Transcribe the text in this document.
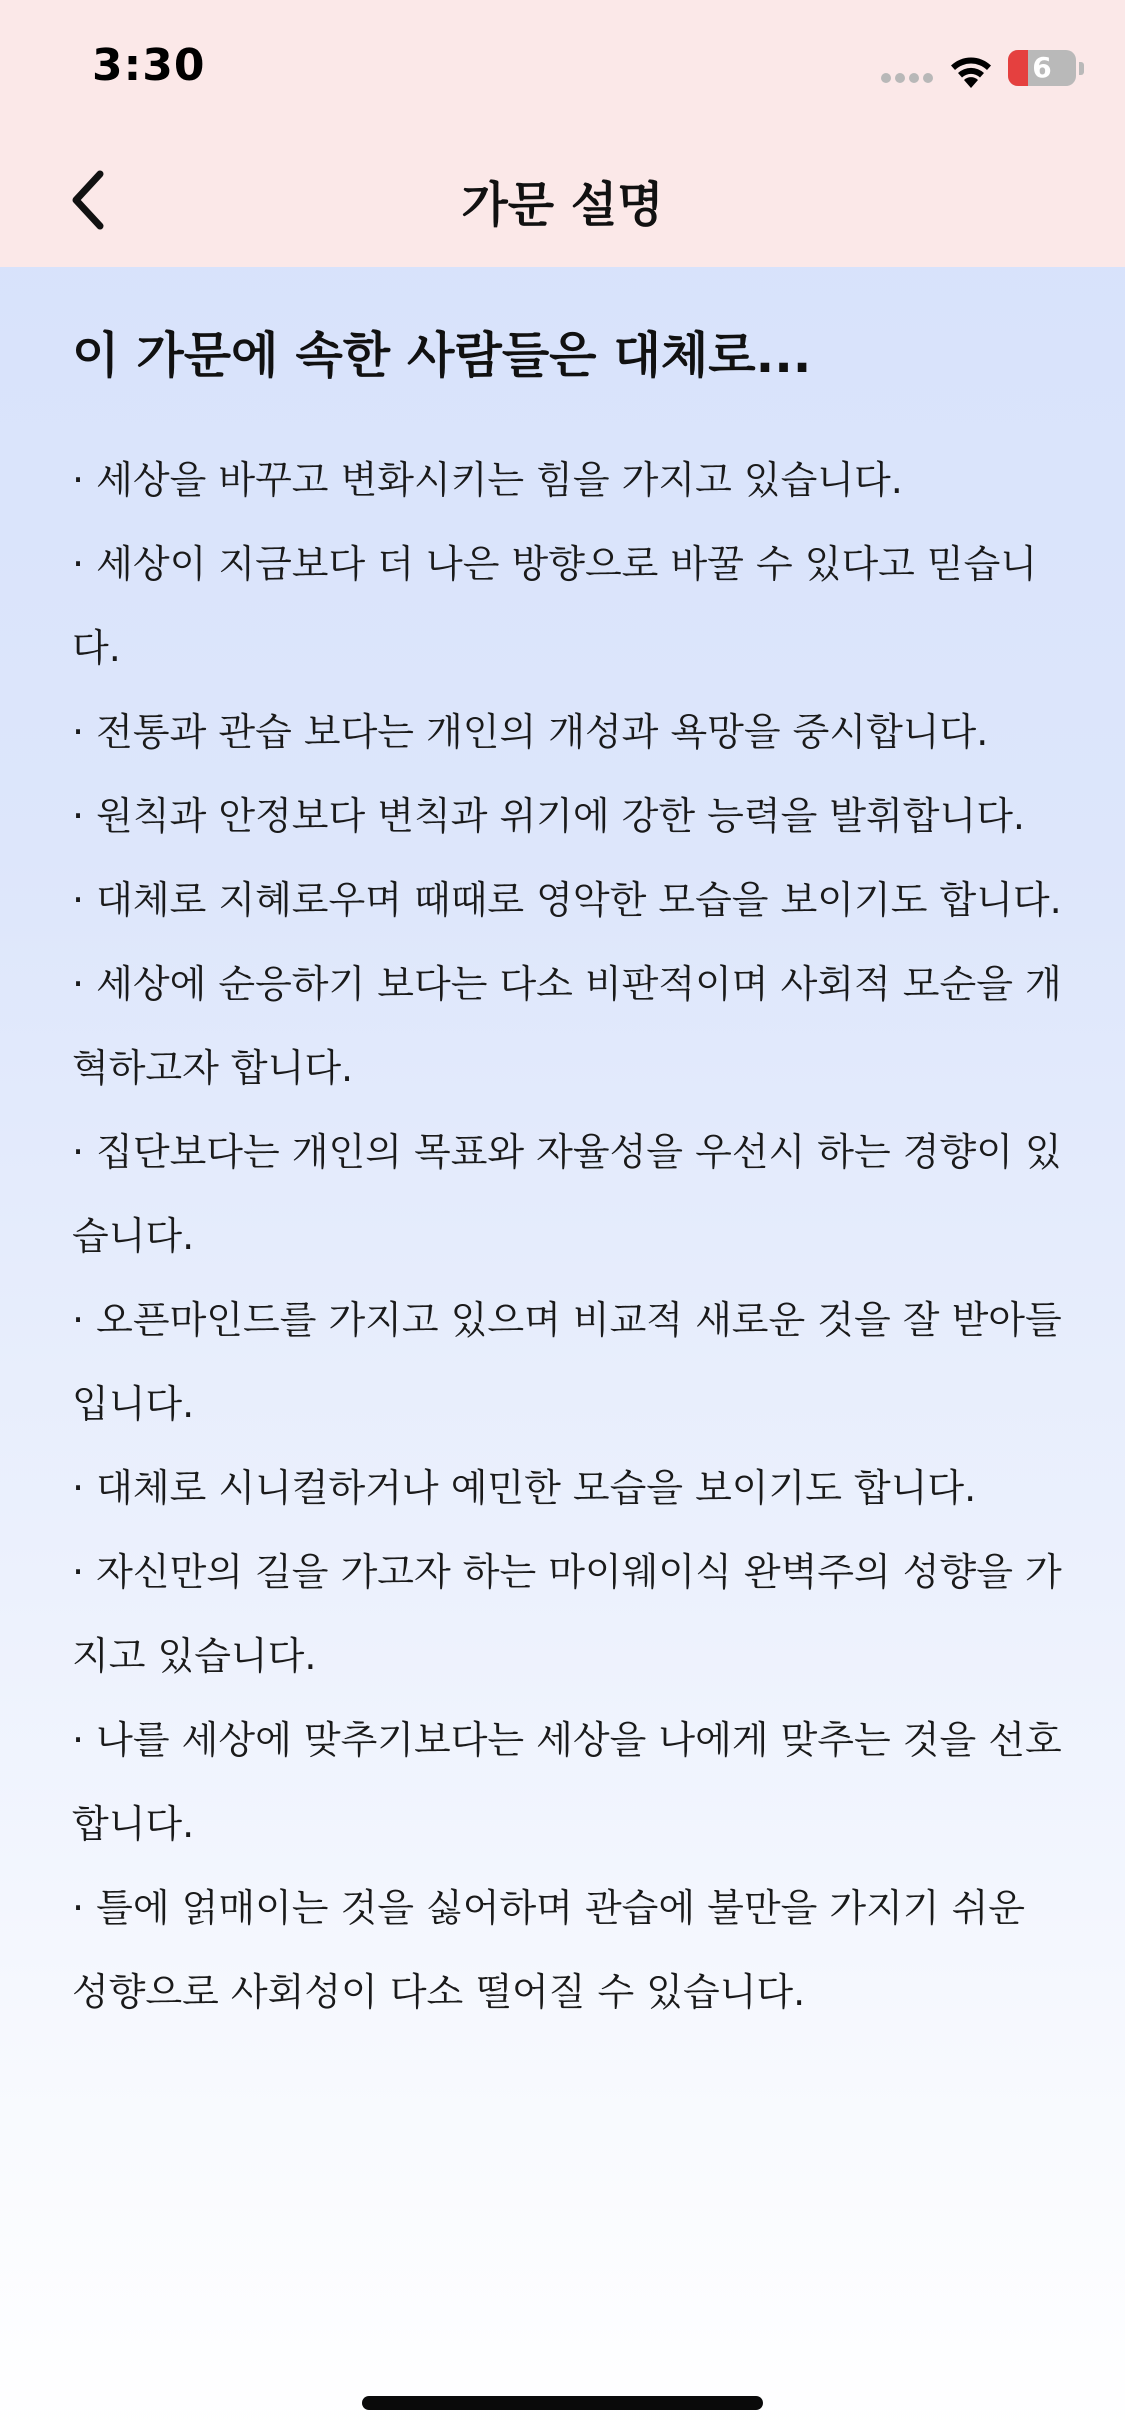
3:30	6
가문 설명
이 가문에 속한 사람들은 대체로...
· 세상을 바꾸고 변화시키는 힘을 가지고 있습니다.
· 세상이 지금보다 더 나은 방향으로 바꿀 수 있다고 믿습니다.
· 전통과 관습 보다는 개인의 개성과 욕망을 중시합니다.
· 원칙과 안정보다 변칙과 위기에 강한 능력을 발휘합니다.
· 대체로 지혜로우며 때때로 영악한 모습을 보이기도 합니다.
· 세상에 순응하기 보다는 다소 비판적이며 사회적 모순을 개혁하고자 합니다.
· 집단보다는 개인의 목표와 자율성을 우선시 하는 경향이 있습니다.
· 오픈마인드를 가지고 있으며 비교적 새로운 것을 잘 받아들입니다.
· 대체로 시니컬하거나 예민한 모습을 보이기도 합니다.
· 자신만의 길을 가고자 하는 마이웨이식 완벽주의 성향을 가지고 있습니다.
· 나를 세상에 맞추기보다는 세상을 나에게 맞추는 것을 선호합니다.
· 틀에 얽매이는 것을 싫어하며 관습에 불만을 가지기 쉬운 성향으로 사회성이 다소 떨어질 수 있습니다.
